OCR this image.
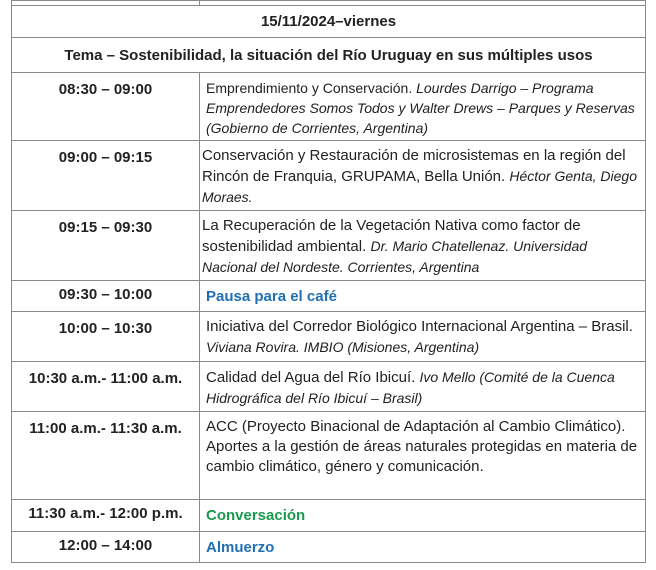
15/11/2024–viernes	
Tema – Sostenibilidad, la situación del Río Uruguay en sus múltiples usos	
08:30 – 09:00	Emprendimiento y Conservación. Lourdes Darrigo – Programa Emprendedores Somos Todos y Walter Drews – Parques y Reservas (Gobierno de Corrientes, Argentina)
09:00 – 09:15	Conservación y Restauración de microsistemas en la región del Rincón de Franquia, GRUPAMA, Bella Unión. Héctor Genta, Diego Moraes.
09:15 – 09:30	La Recuperación de la Vegetación Nativa como factor de sostenibilidad ambiental. Dr. Mario Chatellenaz. Universidad Nacional del Nordeste. Corrientes, Argentina
09:30 – 10:00	Pausa para el café
10:00 – 10:30	Iniciativa del Corredor Biológico Internacional Argentina – Brasil. Viviana Rovira. IMBIO (Misiones, Argentina)
10:30 a.m.- 11:00 a.m.	Calidad del Agua del Río Ibicuí. Ivo Mello (Comité de la Cuenca Hidrográfica del Río Ibicuí – Brasil)
11:00 a.m.- 11:30 a.m.	ACC (Proyecto Binacional de Adaptación al Cambio Climático). Aportes a la gestión de áreas naturales protegidas en materia de cambio climático, género y comunicación.
11:30 a.m.- 12:00 p.m.	Conversación
12:00 – 14:00	Almuerzo
